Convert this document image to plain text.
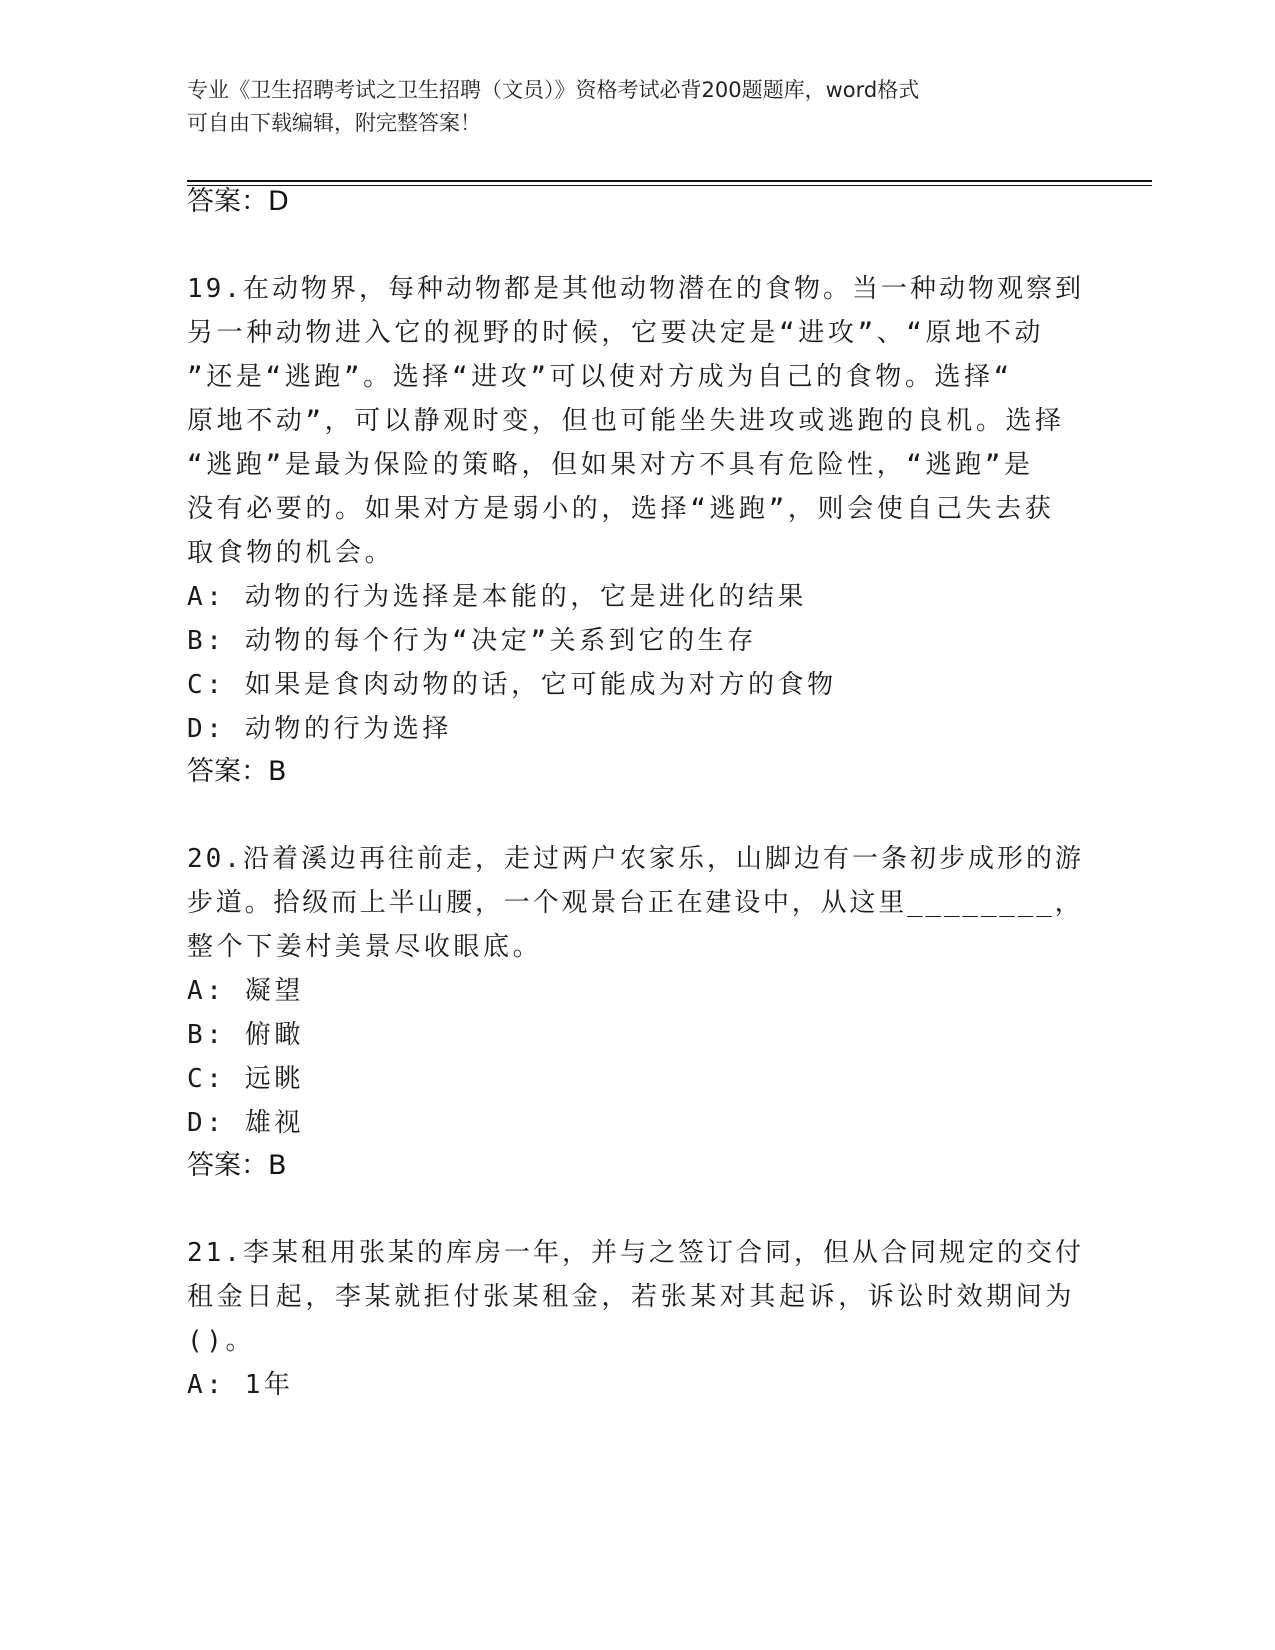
专业《卫生招聘考试之卫生招聘（文员）》资格考试必背200题题库，word格式
可自由下载编辑，附完整答案！
答案：D
19.在动物界，每种动物都是其他动物潜在的食物。当一种动物观察到
另一种动物进入它的视野的时候，它要决定是“进攻”、“原地不动
”还是“逃跑”。选择“进攻”可以使对方成为自己的食物。选择“
原地不动”，可以静观时变，但也可能坐失进攻或逃跑的良机。选择
“逃跑”是最为保险的策略，但如果对方不具有危险性，“逃跑”是
没有必要的。如果对方是弱小的，选择“逃跑”，则会使自己失去获
取食物的机会。
A: 动物的行为选择是本能的，它是进化的结果
B: 动物的每个行为“决定”关系到它的生存
C: 如果是食肉动物的话，它可能成为对方的食物
D: 动物的行为选择
答案：B
20.沿着溪边再往前走，走过两户农家乐，山脚边有一条初步成形的游
步道。拾级而上半山腰，一个观景台正在建设中，从这里________，
整个下姜村美景尽收眼底。
A: 凝望
B: 俯瞰
C: 远眺
D: 雄视
答案：B
21.李某租用张某的库房一年，并与之签订合同，但从合同规定的交付
租金日起，李某就拒付张某租金，若张某对其起诉，诉讼时效期间为
()。
A: 1年
